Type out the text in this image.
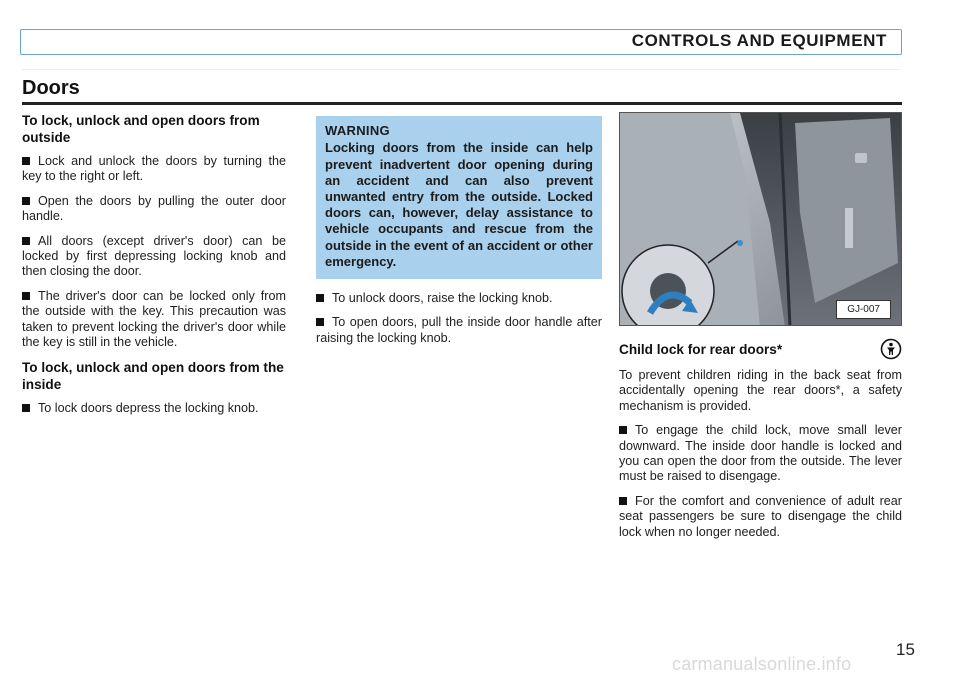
CONTROLS AND EQUIPMENT
Doors
To lock, unlock and open doors from outside

Lock and unlock the doors by turning the key to the right or left.

Open the doors by pulling the outer door handle.

All doors (except driver's door) can be locked by first depressing locking knob and then closing the door.

The driver's door can be locked only from the outside with the key. This precaution was taken to prevent locking the driver's door while the key is still in the vehicle.

To lock, unlock and open doors from the inside

To lock doors depress the locking knob.

WARNING
Locking doors from the inside can help prevent inadvertent door opening during an accident and can also prevent unwanted entry from the outside. Locked doors can, however, delay assistance to vehicle occupants and rescue from the outside in the event of an accident or other emergency.

To unlock doors, raise the locking knob.

To open doors, pull the inside door handle after raising the locking knob.

GJ-007
Child lock for rear doors*

To prevent children riding in the back seat from accidentally opening the rear doors*, a safety mechanism is provided.

To engage the child lock, move small lever downward. The inside door handle is locked and you can open the door from the outside. The lever must be raised to disengage.

For the comfort and convenience of adult rear seat passengers be sure to disengage the child lock when no longer needed.

15
carmanualsonline.info
